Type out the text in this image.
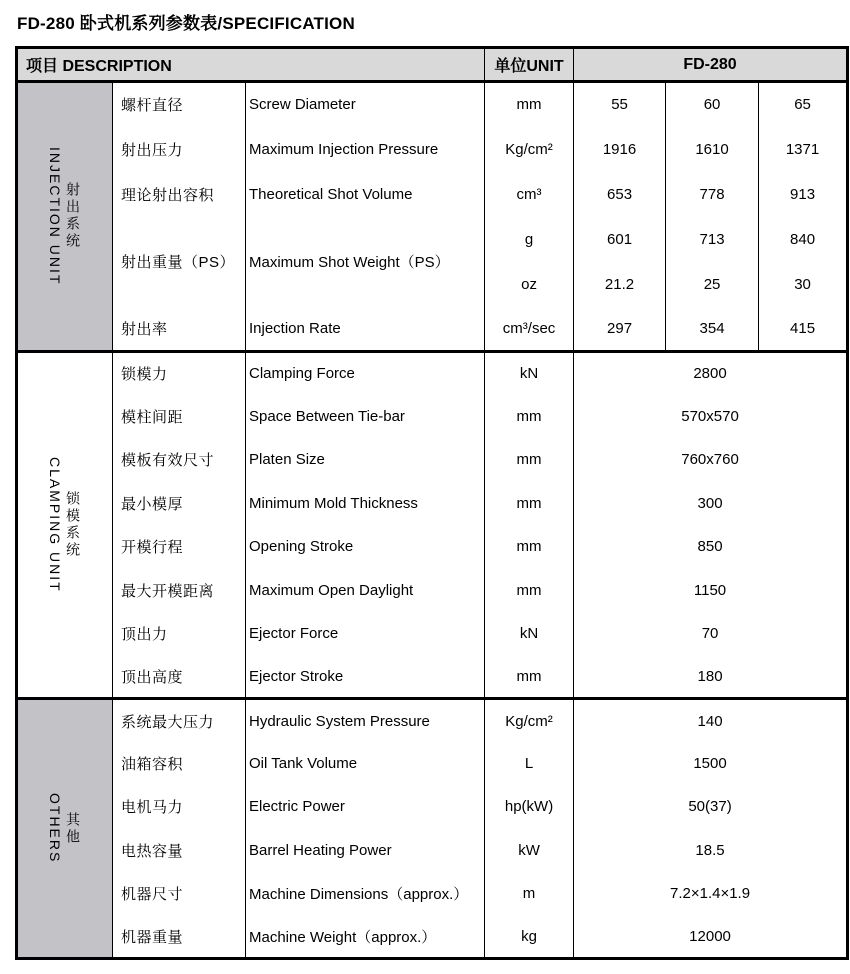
FD-280 卧式机系列参数表/SPECIFICATION
项目 DESCRIPTION			单位UNIT	FD-280		

INJECTION UNIT 射出系统	螺杆直径	Screw Diameter	mm	55	60	65
	射出压力	Maximum Injection Pressure	Kg/cm²	1916	1610	1371
	理论射出容积	Theoretical Shot Volume	cm³	653	778	913
	射出重量（PS）	Maximum Shot Weight（PS）	g	601	713	840
			oz	21.2	25	30
	射出率	Injection Rate	cm³/sec	297	354	415

CLAMPING UNIT 锁模系统	锁模力	Clamping Force	kN	2800		
	模柱间距	Space Between Tie-bar	mm	570x570		
	模板有效尺寸	Platen Size	mm	760x760		
	最小模厚	Minimum Mold Thickness	mm	300		
	开模行程	Opening Stroke	mm	850		
	最大开模距离	Maximum Open Daylight	mm	1150		
	顶出力	Ejector Force	kN	70		
	顶出高度	Ejector Stroke	mm	180		

OTHERS 其他	系统最大压力	Hydraulic System Pressure	Kg/cm²	140		
	油箱容积	Oil Tank Volume	L	1500		
	电机马力	Electric Power	hp(kW)	50(37)		
	电热容量	Barrel Heating Power	kW	18.5		
	机器尺寸	Machine Dimensions（approx.）	m	7.2×1.4×1.9		
	机器重量	Machine Weight（approx.）	kg	12000		
